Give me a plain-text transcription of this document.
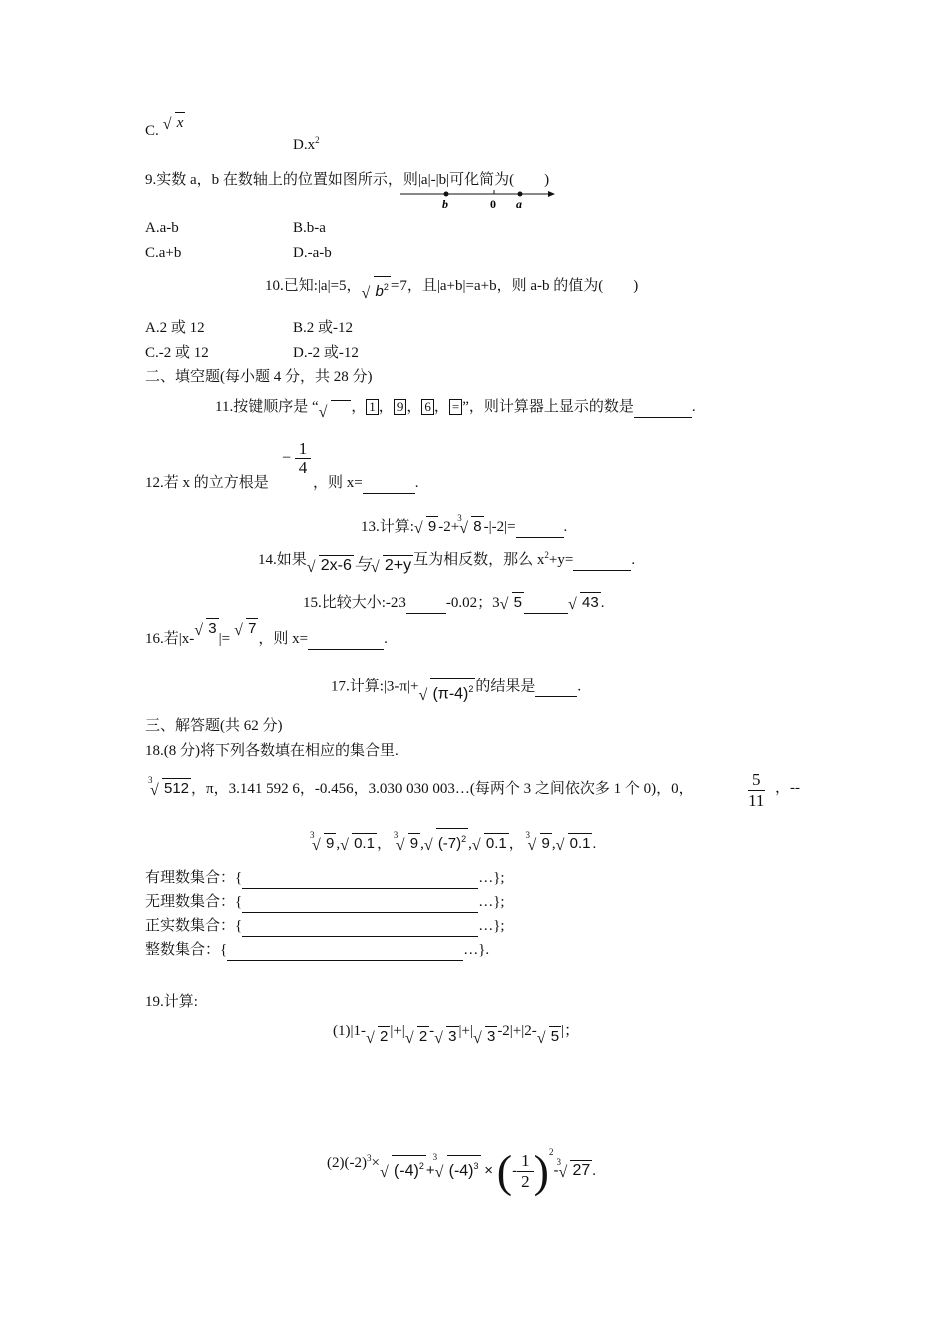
C. √ x
$D.x^2$
9.实数 a，b 在数轴上的位置如图所示，则|a|-|b|可化简为(　　)
b	0 a
A.a-b	B.b-a
C.a+b	D.-a-b
10.已知:|a|=5， √ $b^2 =7$，且|a+b|=a+b，则 a-b 的值为(　　)
A.2 或 12	B.2 或-12
C.-2 或 12	D.-2 或-12
二、填空题(每小题 4 分，共 28 分)
11.按键顺序是 “ √ ， 1 ， 9 ， 6 ， = ”，则计算器上显示的数是	.
12.若 x 的立方根是
− $\frac{1}{4}$
，则 x=	.
13.计算: √ 9 -2+
3
√ 8 -|-2|=	.
14.如果 √ 2x-6 与 √ 2+y 互为相反数，那么 $x^2+y=$	.
15.比较大小:-23	-0.02；3 √ 5	√ 43 .
16.若|x- √ 3|= √ 7，则 x=	.
17.计算:|3-π|+
√ $(\pi-4)^2$ 的结果是	.
三、解答题(共 62 分)
18.(8 分)将下列各数填在相应的集合里.
3
√ 512 ，π，3.141 592 6，-0.456，3.030 030 003…(每两个 3 之间依次多 1 个 0)，0，	$\frac{5}{11}$ ，--
3
√ 9 , √ 0.1 ，
3
√ 9 , √ $(-7)^2$ , √ 0.1 ，
3
√ 9 , √ 0.1 .
有理数集合：{	…};
无理数集合：{	…};
正实数集合：{	…};
整数集合：{	…}.
19.计算:
(1)|1- √ 2 |+| √ 2 - √ 3 |+| √ 3 -2|+|2- √ 5 |；
$(2)(-2)^3\times$
√ $(-4)^2$ +
3
√ $(-4)^3$ × (- $\frac{1}{2} )^2-$
3
√ 27 .
